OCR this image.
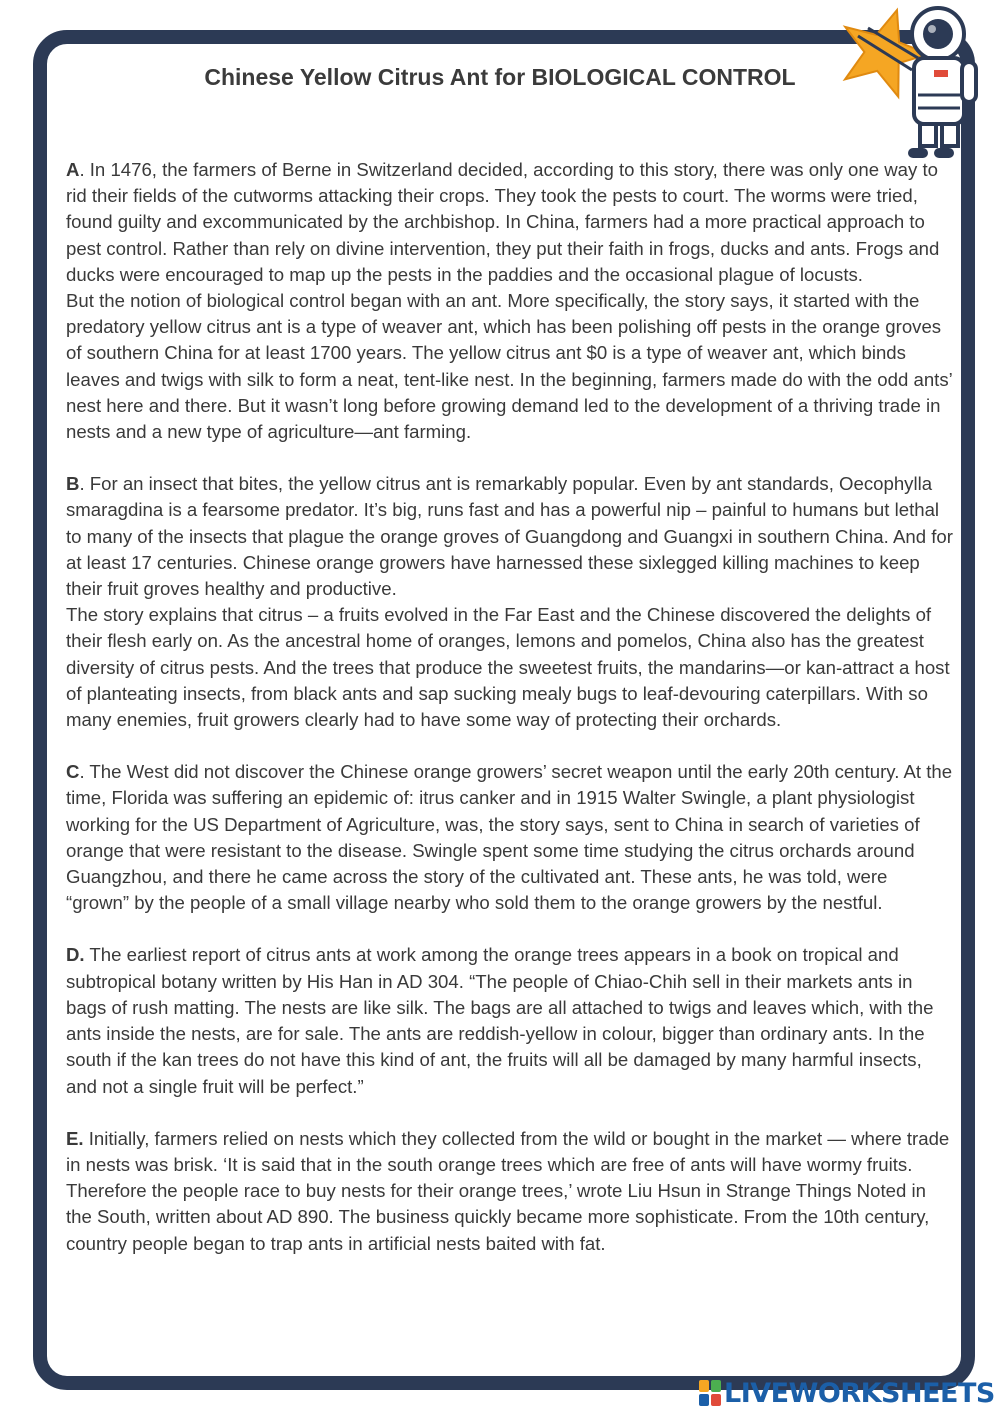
Chinese Yellow Citrus Ant for BIOLOGICAL CONTROL

A. In 1476, the farmers of Berne in Switzerland decided, according to this story, there was only one way to rid their fields of the cutworms attacking their crops. They took the pests to court. The worms were tried, found guilty and excommunicated by the archbishop. In China, farmers had a more practical approach to pest control. Rather than rely on divine intervention, they put their faith in frogs, ducks and ants. Frogs and ducks were encouraged to map up the pests in the paddies and the occasional plague of locusts.

But the notion of biological control began with an ant. More specifically, the story says, it started with the predatory yellow citrus ant is a type of weaver ant, which has been polishing off pests in the orange groves of southern China for at least 1700 years. The yellow citrus ant $0 is a type of weaver ant, which binds leaves and twigs with silk to form a neat, tent-like nest. In the beginning, farmers made do with the odd ants’ nest here and there. But it wasn’t long before growing demand led to the development of a thriving trade in nests and a new type of agriculture—ant farming.

B. For an insect that bites, the yellow citrus ant is remarkably popular. Even by ant standards, Oecophylla smaragdina is a fearsome predator. It’s big, runs fast and has a powerful nip – painful to humans but lethal to many of the insects that plague the orange groves of Guangdong and Guangxi in southern China. And for at least 17 centuries. Chinese orange growers have harnessed these sixlegged killing machines to keep their fruit groves healthy and productive.

The story explains that citrus – a fruits evolved in the Far East and the Chinese discovered the delights of their flesh early on. As the ancestral home of oranges, lemons and pomelos, China also has the greatest diversity of citrus pests. And the trees that produce the sweetest fruits, the mandarins—or kan-attract a host of planteating insects, from black ants and sap sucking mealy bugs to leaf-devouring caterpillars. With so many enemies, fruit growers clearly had to have some way of protecting their orchards.

C. The West did not discover the Chinese orange growers’ secret weapon until the early 20th century. At the time, Florida was suffering an epidemic of: itrus canker and in 1915 Walter Swingle, a plant physiologist working for the US Department of Agriculture, was, the story says, sent to China in search of varieties of orange that were resistant to the disease. Swingle spent some time studying the citrus orchards around Guangzhou, and there he came across the story of the cultivated ant. These ants, he was told, were “grown” by the people of a small village nearby who sold them to the orange growers by the nestful.

D. The earliest report of citrus ants at work among the orange trees appears in a book on tropical and subtropical botany written by His Han in AD 304. “The people of Chiao-Chih sell in their markets ants in bags of rush matting. The nests are like silk. The bags are all attached to twigs and leaves which, with the ants inside the nests, are for sale. The ants are reddish-yellow in colour, bigger than ordinary ants. In the south if the kan trees do not have this kind of ant, the fruits will all be damaged by many harmful insects, and not a single fruit will be perfect.”

E. Initially, farmers relied on nests which they collected from the wild or bought in the market — where trade in nests was brisk. ‘It is said that in the south orange trees which are free of ants will have wormy fruits. Therefore the people race to buy nests for their orange trees,’ wrote Liu Hsun in Strange Things Noted in the South, written about AD 890. The business quickly became more sophisticate. From the 10th century, country people began to trap ants in artificial nests baited with fat.

LIVEWORKSHEETS
